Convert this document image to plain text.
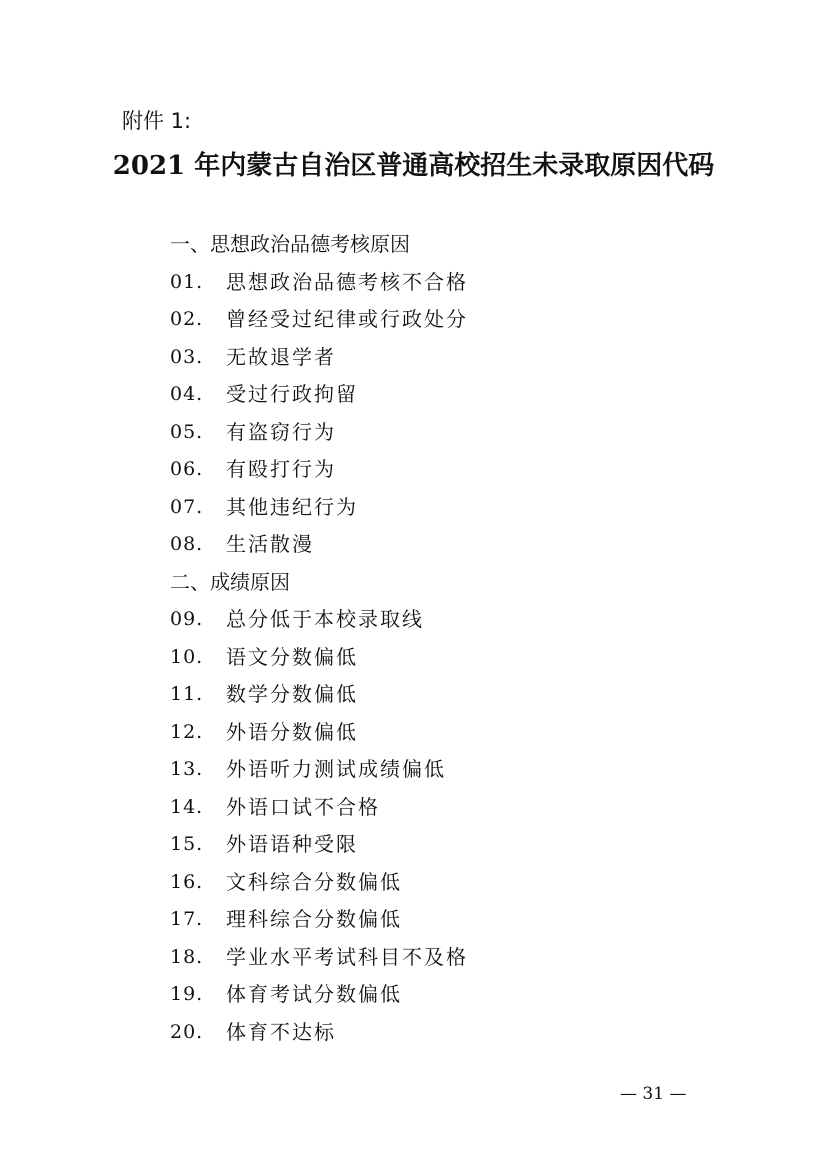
附件 1:
2021 年内蒙古自治区普通高校招生未录取原因代码
一、思想政治品德考核原因
01. 思想政治品德考核不合格
02. 曾经受过纪律或行政处分
03. 无故退学者
04. 受过行政拘留
05. 有盗窃行为
06. 有殴打行为
07. 其他违纪行为
08. 生活散漫
二、成绩原因
09. 总分低于本校录取线
10. 语文分数偏低
11. 数学分数偏低
12. 外语分数偏低
13. 外语听力测试成绩偏低
14. 外语口试不合格
15. 外语语种受限
16. 文科综合分数偏低
17. 理科综合分数偏低
18. 学业水平考试科目不及格
19. 体育考试分数偏低
20. 体育不达标
— 31 —
